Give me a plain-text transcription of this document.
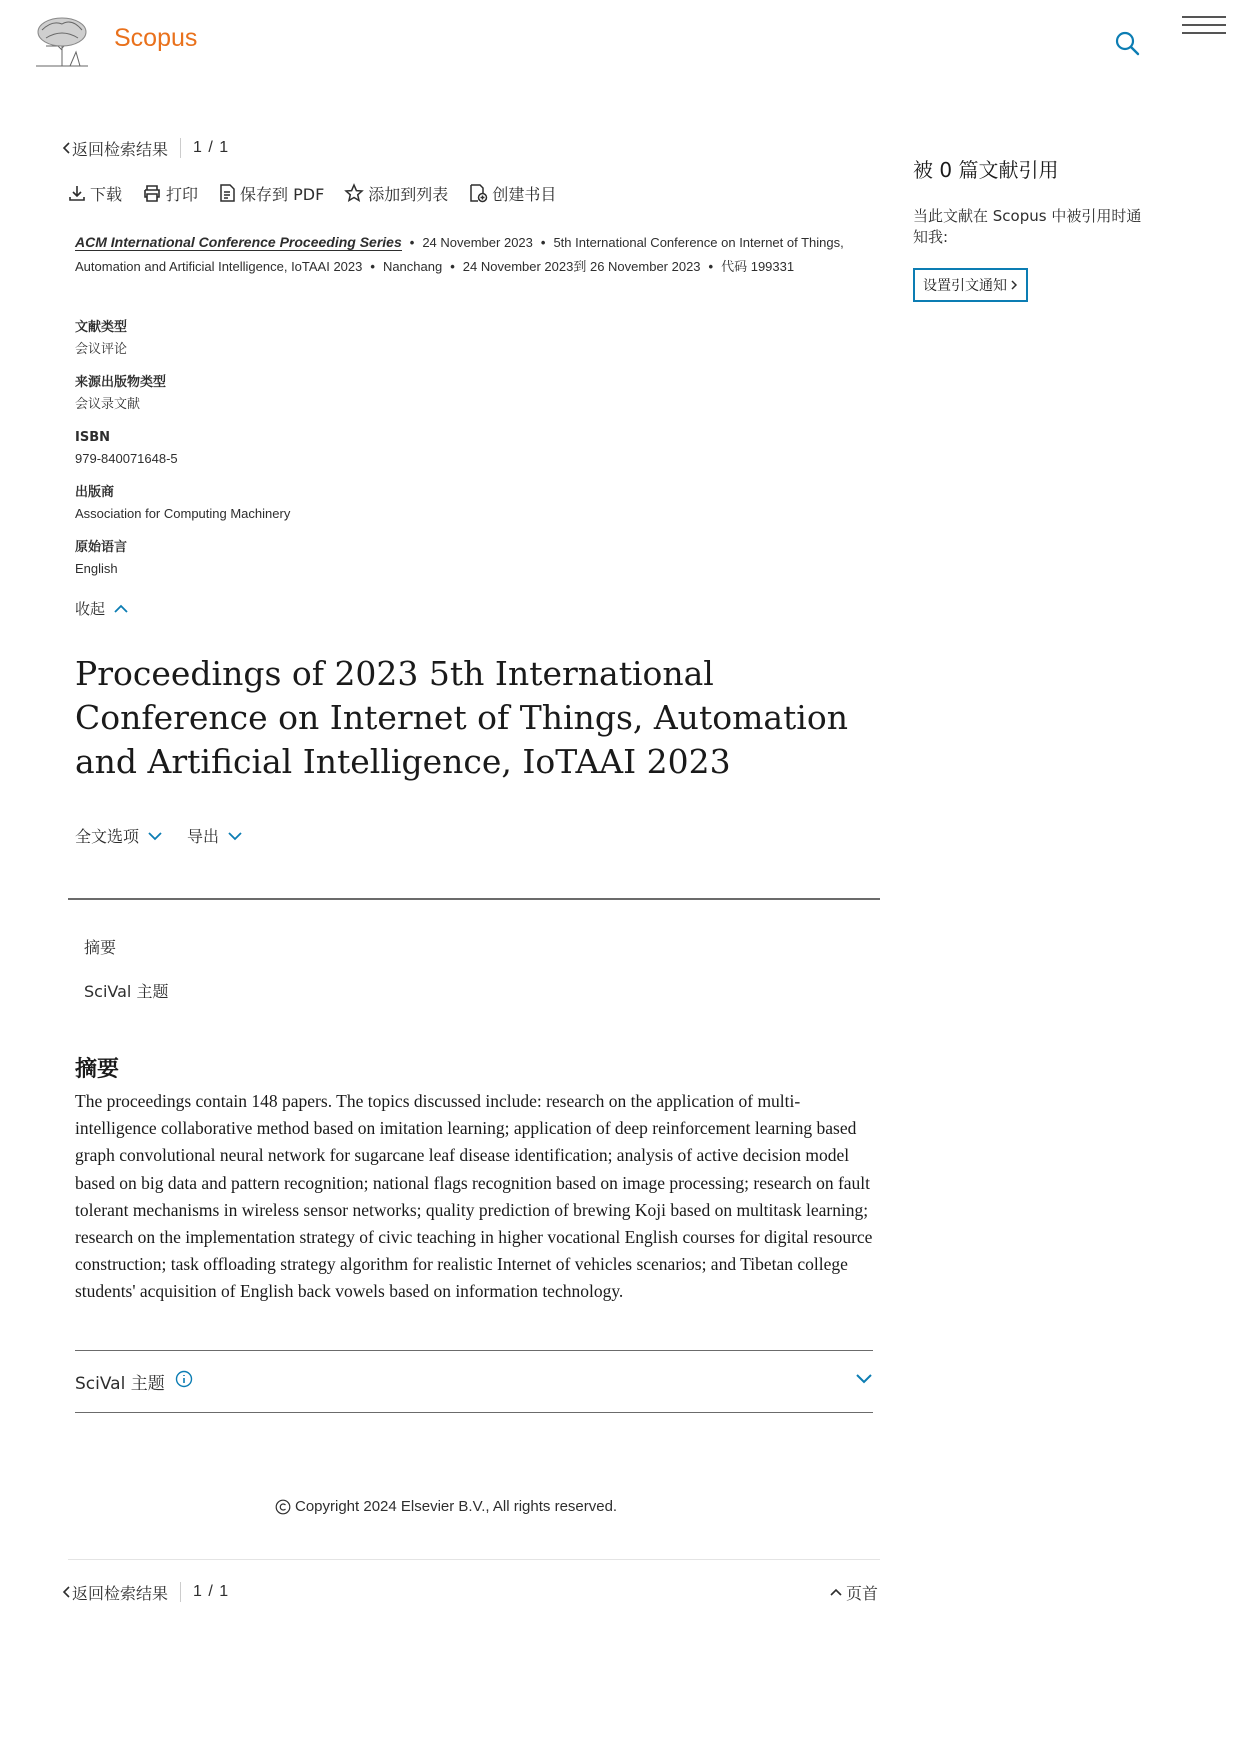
Scopus
返回检索结果 1 / 1
下载	打印	保存到 PDF	添加到列表	创建书目
ACM International Conference Proceeding Series • 24 November 2023 • 5th International Conference on Internet of Things, Automation and Artificial Intelligence, IoTAAI 2023 • Nanchang • 24 November 2023到 26 November 2023 • 代码 199331
文献类型
会议评论
来源出版物类型
会议录文献
ISBN
979-840071648-5
出版商
Association for Computing Machinery
原始语言
English
收起
Proceedings of 2023 5th International Conference on Internet of Things, Automation and Artificial Intelligence, IoTAAI 2023
全文选项	导出
摘要
SciVal 主题
摘要

The proceedings contain 148 papers. The topics discussed include: research on the application of multi-intelligence collaborative method based on imitation learning; application of deep reinforcement learning based graph convolutional neural network for sugarcane leaf disease identification; analysis of active decision model based on big data and pattern recognition; national flags recognition based on image processing; research on fault tolerant mechanisms in wireless sensor networks; quality prediction of brewing Koji based on multitask learning; research on the implementation strategy of civic teaching in higher vocational English courses for digital resource construction; task offloading strategy algorithm for realistic Internet of vehicles scenarios; and Tibetan college students' acquisition of English back vowels based on information technology.

SciVal 主题
Copyright 2024 Elsevier B.V., All rights reserved.
返回检索结果 1 / 1	页首
被 0 篇文献引用
当此文献在 Scopus 中被引用时通知我:
设置引文通知
